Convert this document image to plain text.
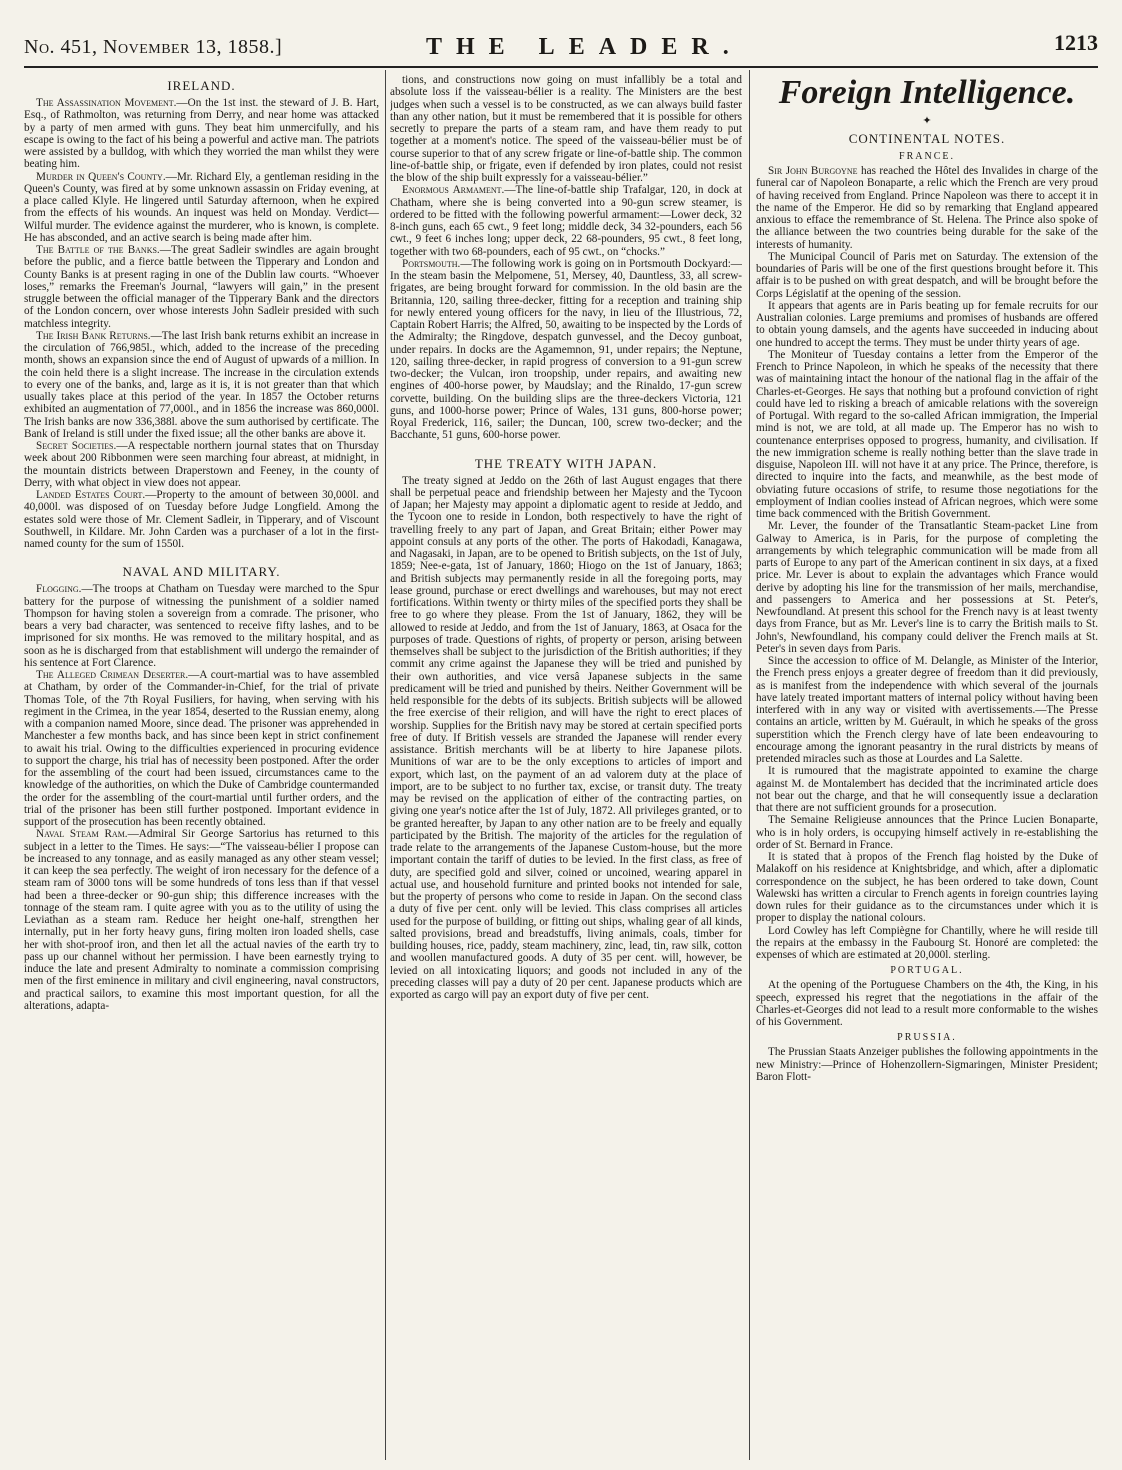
No. 451, November 13, 1858.]	THE LEADER.	1213
IRELAND.

The Assassination Movement.—On the 1st inst. the steward of J. B. Hart, Esq., of Rathmolton, was returning from Derry, and near home was attacked by a party of men armed with guns. They beat him unmercifully, and his escape is owing to the fact of his being a powerful and active man. The patriots were assisted by a bulldog, with which they worried the man whilst they were beating him.

Murder in Queen's County.—Mr. Richard Ely, a gentleman residing in the Queen's County, was fired at by some unknown assassin on Friday evening, at a place called Klyle. He lingered until Saturday afternoon, when he expired from the effects of his wounds. An inquest was held on Monday. Verdict—Wilful murder. The evidence against the murderer, who is known, is complete. He has absconded, and an active search is being made after him.

The Battle of the Banks.—The great Sadleir swindles are again brought before the public, and a fierce battle between the Tipperary and London and County Banks is at present raging in one of the Dublin law courts. “Whoever loses,” remarks the Freeman's Journal, “lawyers will gain,” in the present struggle between the official manager of the Tipperary Bank and the directors of the London concern, over whose interests John Sadleir presided with such matchless integrity.

The Irish Bank Returns.—The last Irish bank returns exhibit an increase in the circulation of 766,985l., which, added to the increase of the preceding month, shows an expansion since the end of August of upwards of a million. In the coin held there is a slight increase. The increase in the circulation extends to every one of the banks, and, large as it is, it is not greater than that which usually takes place at this period of the year. In 1857 the October returns exhibited an augmentation of 77,000l., and in 1856 the increase was 860,000l. The Irish banks are now 336,388l. above the sum authorised by certificate. The Bank of Ireland is still under the fixed issue; all the other banks are above it.

Secret Societies.—A respectable northern journal states that on Thursday week about 200 Ribbonmen were seen marching four abreast, at midnight, in the mountain districts between Draperstown and Feeney, in the county of Derry, with what object in view does not appear.

Landed Estates Court.—Property to the amount of between 30,000l. and 40,000l. was disposed of on Tuesday before Judge Longfield. Among the estates sold were those of Mr. Clement Sadleir, in Tipperary, and of Viscount Southwell, in Kildare. Mr. John Carden was a purchaser of a lot in the first-named county for the sum of 1550l.

NAVAL AND MILITARY.

Flogging.—The troops at Chatham on Tuesday were marched to the Spur battery for the purpose of witnessing the punishment of a soldier named Thompson for having stolen a sovereign from a comrade. The prisoner, who bears a very bad character, was sentenced to receive fifty lashes, and to be imprisoned for six months. He was removed to the military hospital, and as soon as he is discharged from that establishment will undergo the remainder of his sentence at Fort Clarence.

The Alleged Crimean Deserter.—A court-martial was to have assembled at Chatham, by order of the Commander-in-Chief, for the trial of private Thomas Tole, of the 7th Royal Fusiliers, for having, when serving with his regiment in the Crimea, in the year 1854, deserted to the Russian enemy, along with a companion named Moore, since dead. The prisoner was apprehended in Manchester a few months back, and has since been kept in strict confinement to await his trial. Owing to the difficulties experienced in procuring evidence to support the charge, his trial has of necessity been postponed. After the order for the assembling of the court had been issued, circumstances came to the knowledge of the authorities, on which the Duke of Cambridge countermanded the order for the assembling of the court-martial until further orders, and the trial of the prisoner has been still further postponed. Important evidence in support of the prosecution has been recently obtained.

Naval Steam Ram.—Admiral Sir George Sartorius has returned to this subject in a letter to the Times. He says:—“The vaisseau-bélier I propose can be increased to any tonnage, and as easily managed as any other steam vessel; it can keep the sea perfectly. The weight of iron necessary for the defence of a steam ram of 3000 tons will be some hundreds of tons less than if that vessel had been a three-decker or 90-gun ship; this difference increases with the tonnage of the steam ram. I quite agree with you as to the utility of using the Leviathan as a steam ram. Reduce her height one-half, strengthen her internally, put in her forty heavy guns, firing molten iron loaded shells, case her with shot-proof iron, and then let all the actual navies of the earth try to pass up our channel without her permission. I have been earnestly trying to induce the late and present Admiralty to nominate a commission comprising men of the first eminence in military and civil engineering, naval constructors, and practical sailors, to examine this most important question, for all the alterations, adapta-

tions, and constructions now going on must infallibly be a total and absolute loss if the vaisseau-bélier is a reality. The Ministers are the best judges when such a vessel is to be constructed, as we can always build faster than any other nation, but it must be remembered that it is possible for others secretly to prepare the parts of a steam ram, and have them ready to put together at a moment's notice. The speed of the vaisseau-bélier must be of course superior to that of any screw frigate or line-of-battle ship. The common line-of-battle ship, or frigate, even if defended by iron plates, could not resist the blow of the ship built expressly for a vaisseau-bélier.”

Enormous Armament.—The line-of-battle ship Trafalgar, 120, in dock at Chatham, where she is being converted into a 90-gun screw steamer, is ordered to be fitted with the following powerful armament:—Lower deck, 32 8-inch guns, each 65 cwt., 9 feet long; middle deck, 34 32-pounders, each 56 cwt., 9 feet 6 inches long; upper deck, 22 68-pounders, 95 cwt., 8 feet long, together with two 68-pounders, each of 95 cwt., on “chocks.”

Portsmouth.—The following work is going on in Portsmouth Dockyard:—In the steam basin the Melpomene, 51, Mersey, 40, Dauntless, 33, all screw-frigates, are being brought forward for commission. In the old basin are the Britannia, 120, sailing three-decker, fitting for a reception and training ship for newly entered young officers for the navy, in lieu of the Illustrious, 72, Captain Robert Harris; the Alfred, 50, awaiting to be inspected by the Lords of the Admiralty; the Ringdove, despatch gunvessel, and the Decoy gunboat, under repairs. In docks are the Agamemnon, 91, under repairs; the Neptune, 120, sailing three-decker, in rapid progress of conversion to a 91-gun screw two-decker; the Vulcan, iron troopship, under repairs, and awaiting new engines of 400-horse power, by Maudslay; and the Rinaldo, 17-gun screw corvette, building. On the building slips are the three-deckers Victoria, 121 guns, and 1000-horse power; Prince of Wales, 131 guns, 800-horse power; Royal Frederick, 116, sailer; the Duncan, 100, screw two-decker; and the Bacchante, 51 guns, 600-horse power.

THE TREATY WITH JAPAN.

The treaty signed at Jeddo on the 26th of last August engages that there shall be perpetual peace and friendship between her Majesty and the Tycoon of Japan; her Majesty may appoint a diplomatic agent to reside at Jeddo, and the Tycoon one to reside in London, both respectively to have the right of travelling freely to any part of Japan, and Great Britain; either Power may appoint consuls at any ports of the other. The ports of Hakodadi, Kanagawa, and Nagasaki, in Japan, are to be opened to British subjects, on the 1st of July, 1859; Nee-e-gata, 1st of January, 1860; Hiogo on the 1st of January, 1863; and British subjects may permanently reside in all the foregoing ports, may lease ground, purchase or erect dwellings and warehouses, but may not erect fortifications. Within twenty or thirty miles of the specified ports they shall be free to go where they please. From the 1st of January, 1862, they will be allowed to reside at Jeddo, and from the 1st of January, 1863, at Osaca for the purposes of trade. Questions of rights, of property or person, arising between themselves shall be subject to the jurisdiction of the British authorities; if they commit any crime against the Japanese they will be tried and punished by their own authorities, and vice versâ Japanese subjects in the same predicament will be tried and punished by theirs. Neither Government will be held responsible for the debts of its subjects. British subjects will be allowed the free exercise of their religion, and will have the right to erect places of worship. Supplies for the British navy may be stored at certain specified ports free of duty. If British vessels are stranded the Japanese will render every assistance. British merchants will be at liberty to hire Japanese pilots. Munitions of war are to be the only exceptions to articles of import and export, which last, on the payment of an ad valorem duty at the place of import, are to be subject to no further tax, excise, or transit duty. The treaty may be revised on the application of either of the contracting parties, on giving one year's notice after the 1st of July, 1872. All privileges granted, or to be granted hereafter, by Japan to any other nation are to be freely and equally participated by the British. The majority of the articles for the regulation of trade relate to the arrangements of the Japanese Custom-house, but the more important contain the tariff of duties to be levied. In the first class, as free of duty, are specified gold and silver, coined or uncoined, wearing apparel in actual use, and household furniture and printed books not intended for sale, but the property of persons who come to reside in Japan. On the second class a duty of five per cent. only will be levied. This class comprises all articles used for the purpose of building, or fitting out ships, whaling gear of all kinds, salted provisions, bread and breadstuffs, living animals, coals, timber for building houses, rice, paddy, steam machinery, zinc, lead, tin, raw silk, cotton and woollen manufactured goods. A duty of 35 per cent. will, however, be levied on all intoxicating liquors; and goods not included in any of the preceding classes will pay a duty of 20 per cent. Japanese products which are exported as cargo will pay an export duty of five per cent.

Foreign Intelligence.
✦
CONTINENTAL NOTES.
FRANCE.

Sir John Burgoyne has reached the Hôtel des Invalides in charge of the funeral car of Napoleon Bonaparte, a relic which the French are very proud of having received from England. Prince Napoleon was there to accept it in the name of the Emperor. He did so by remarking that England appeared anxious to efface the remembrance of St. Helena. The Prince also spoke of the alliance between the two countries being durable for the sake of the interests of humanity.

The Municipal Council of Paris met on Saturday. The extension of the boundaries of Paris will be one of the first questions brought before it. This affair is to be pushed on with great despatch, and will be brought before the Corps Législatif at the opening of the session.

It appears that agents are in Paris beating up for female recruits for our Australian colonies. Large premiums and promises of husbands are offered to obtain young damsels, and the agents have succeeded in inducing about one hundred to accept the terms. They must be under thirty years of age.

The Moniteur of Tuesday contains a letter from the Emperor of the French to Prince Napoleon, in which he speaks of the necessity that there was of maintaining intact the honour of the national flag in the affair of the Charles-et-Georges. He says that nothing but a profound conviction of right could have led to risking a breach of amicable relations with the sovereign of Portugal. With regard to the so-called African immigration, the Imperial mind is not, we are told, at all made up. The Emperor has no wish to countenance enterprises opposed to progress, humanity, and civilisation. If the new immigration scheme is really nothing better than the slave trade in disguise, Napoleon III. will not have it at any price. The Prince, therefore, is directed to inquire into the facts, and meanwhile, as the best mode of obviating future occasions of strife, to resume those negotiations for the employment of Indian coolies instead of African negroes, which were some time back commenced with the British Government.

Mr. Lever, the founder of the Transatlantic Steam-packet Line from Galway to America, is in Paris, for the purpose of completing the arrangements by which telegraphic communication will be made from all parts of Europe to any part of the American continent in six days, at a fixed price. Mr. Lever is about to explain the advantages which France would derive by adopting his line for the transmission of her mails, merchandise, and passengers to America and her possessions at St. Peter's, Newfoundland. At present this school for the French navy is at least twenty days from France, but as Mr. Lever's line is to carry the British mails to St. John's, Newfoundland, his company could deliver the French mails at St. Peter's in seven days from Paris.

Since the accession to office of M. Delangle, as Minister of the Interior, the French press enjoys a greater degree of freedom than it did previously, as is manifest from the independence with which several of the journals have lately treated important matters of internal policy without having been interfered with in any way or visited with avertissements.—The Presse contains an article, written by M. Guérault, in which he speaks of the gross superstition which the French clergy have of late been endeavouring to encourage among the ignorant peasantry in the rural districts by means of pretended miracles such as those at Lourdes and La Salette.

It is rumoured that the magistrate appointed to examine the charge against M. de Montalembert has decided that the incriminated article does not bear out the charge, and that he will consequently issue a declaration that there are not sufficient grounds for a prosecution.

The Semaine Religieuse announces that the Prince Lucien Bonaparte, who is in holy orders, is occupying himself actively in re-establishing the order of St. Bernard in France.

It is stated that à propos of the French flag hoisted by the Duke of Malakoff on his residence at Knightsbridge, and which, after a diplomatic correspondence on the subject, he has been ordered to take down, Count Walewski has written a circular to French agents in foreign countries laying down rules for their guidance as to the circumstances under which it is proper to display the national colours.

Lord Cowley has left Compiègne for Chantilly, where he will reside till the repairs at the embassy in the Faubourg St. Honoré are completed: the expenses of which are estimated at 20,000l. sterling.

PORTUGAL.

At the opening of the Portuguese Chambers on the 4th, the King, in his speech, expressed his regret that the negotiations in the affair of the Charles-et-Georges did not lead to a result more conformable to the wishes of his Government.

PRUSSIA.

The Prussian Staats Anzeiger publishes the following appointments in the new Ministry:—Prince of Hohenzollern-Sigmaringen, Minister President; Baron Flott-
